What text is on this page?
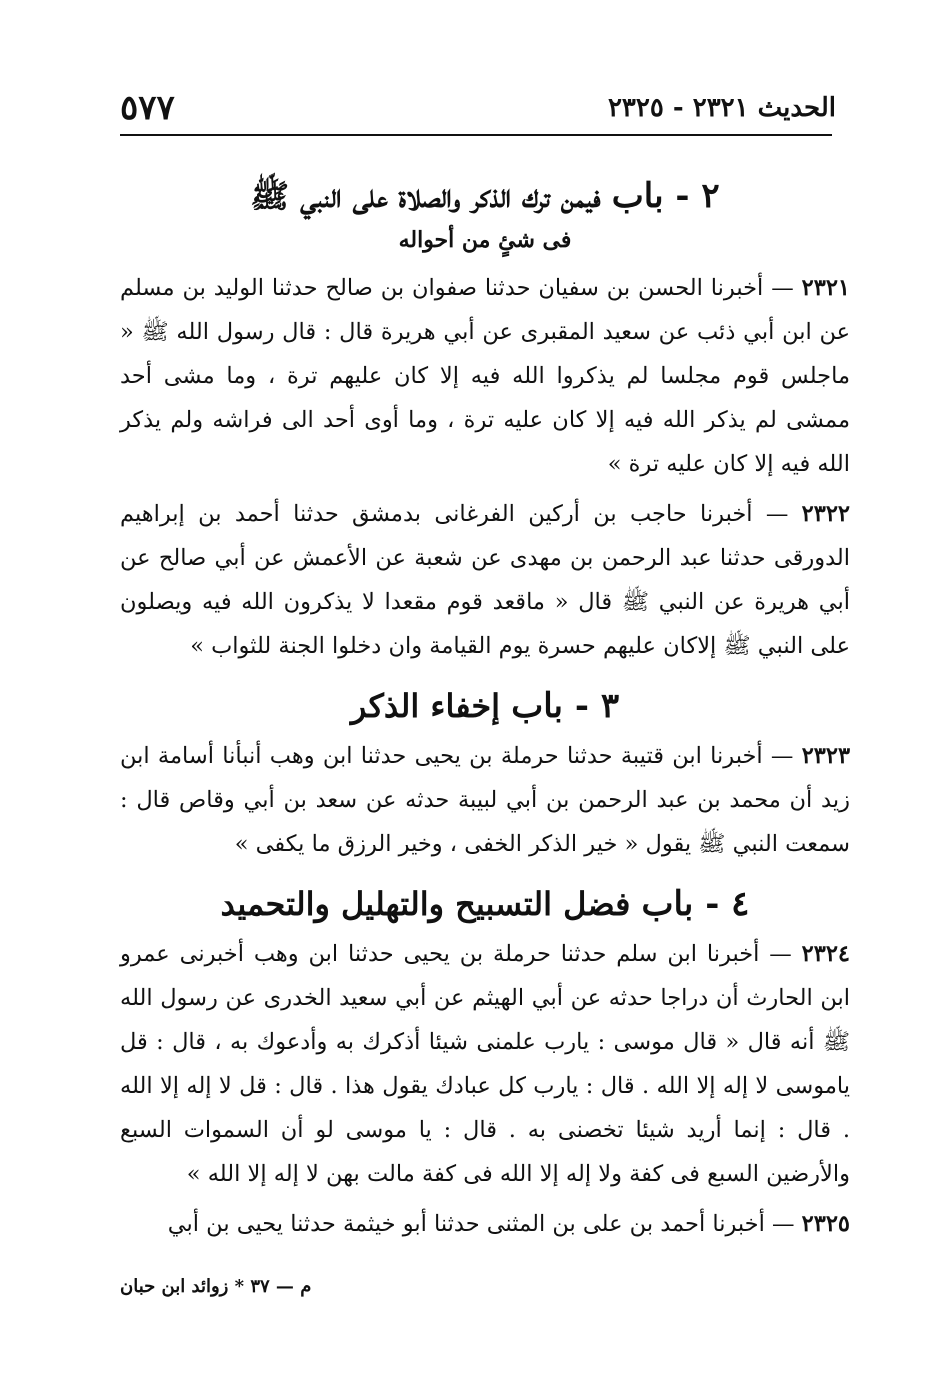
الحديث ٢٣٢١ - ٢٣٢٥
٥٧٧
٢ - باب فيمن ترك الذكر والصلاة على النبي ﷺ
فى شئٍ من أحواله

٢٣٢١ — أخبرنا الحسن بن سفيان حدثنا صفوان بن صالح حدثنا الوليد بن مسلم عن ابن أبي ذئب عن سعيد المقبرى عن أبي هريرة قال : قال رسول الله ﷺ « ماجلس قوم مجلسا لم يذكروا الله فيه إلا كان عليهم ترة ، وما مشى أحد ممشى لم يذكر الله فيه إلا كان عليه ترة ، وما أوى أحد الى فراشه ولم يذكر الله فيه إلا كان عليه ترة »

٢٣٢٢ — أخبرنا حاجب بن أركين الفرغانى بدمشق حدثنا أحمد بن إبراهيم الدورقى حدثنا عبد الرحمن بن مهدى عن شعبة عن الأعمش عن أبي صالح عن أبي هريرة عن النبي ﷺ قال « ماقعد قوم مقعدا لا يذكرون الله فيه ويصلون على النبي ﷺ إلاكان عليهم حسرة يوم القيامة وان دخلوا الجنة للثواب »

٣ - باب إخفاء الذكر

٢٣٢٣ — أخبرنا ابن قتيبة حدثنا حرملة بن يحيى حدثنا ابن وهب أنبأنا أسامة ابن زيد أن محمد بن عبد الرحمن بن أبي لبيبة حدثه عن سعد بن أبي وقاص قال : سمعت النبي ﷺ يقول « خير الذكر الخفى ، وخير الرزق ما يكفى »

٤ - باب فضل التسبيح والتهليل والتحميد

٢٣٢٤ — أخبرنا ابن سلم حدثنا حرملة بن يحيى حدثنا ابن وهب أخبرنى عمرو ابن الحارث أن دراجا حدثه عن أبي الهيثم عن أبي سعيد الخدرى عن رسول الله ﷺ أنه قال « قال موسى : يارب علمنى شيئا أذكرك به وأدعوك به ، قال : قل ياموسى لا إله إلا الله . قال : يارب كل عبادك يقول هذا . قال : قل لا إله إلا الله . قال : إنما أريد شيئا تخصنى به . قال : يا موسى لو أن السموات السبع والأرضين السبع فى كفة ولا إله إلا الله فى كفة مالت بهن لا إله إلا الله »

٢٣٢٥ — أخبرنا أحمد بن على بن المثنى حدثنا أبو خيثمة حدثنا يحيى بن أبي

م — ٣٧ * زوائد ابن حبان
